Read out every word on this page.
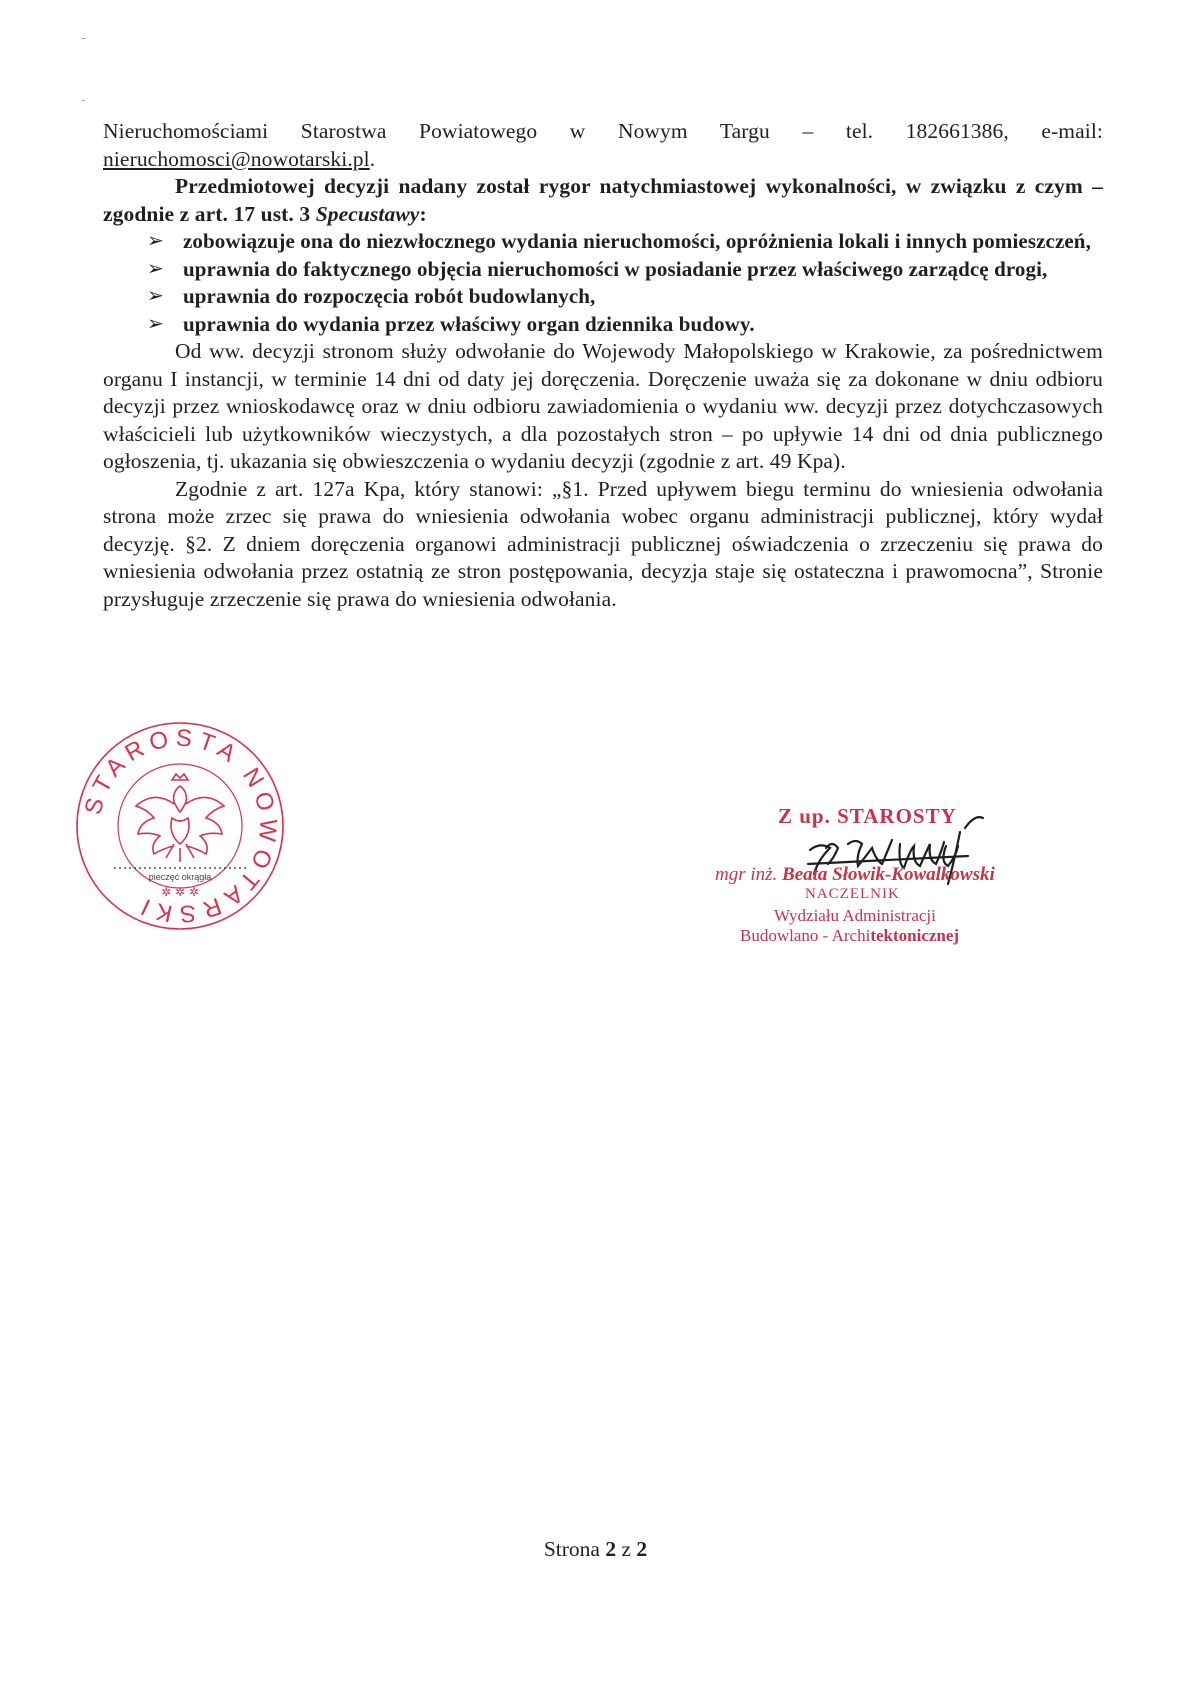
Nieruchomościami Starostwa Powiatowego w Nowym Targu – tel. 182661386, e-mail: nieruchomosci@nowotarski.pl.

Przedmiotowej decyzji nadany został rygor natychmiastowej wykonalności, w związku z czym – zgodnie z art. 17 ust. 3 Specustawy:

➢ zobowiązuje ona do niezwłocznego wydania nieruchomości, opróżnienia lokali i innych pomieszczeń,
➢ uprawnia do faktycznego objęcia nieruchomości w posiadanie przez właściwego zarządcę drogi,
➢ uprawnia do rozpoczęcia robót budowlanych,
➢ uprawnia do wydania przez właściwy organ dziennika budowy.

Od ww. decyzji stronom służy odwołanie do Wojewody Małopolskiego w Krakowie, za pośrednictwem organu I instancji, w terminie 14 dni od daty jej doręczenia. Doręczenie uważa się za dokonane w dniu odbioru decyzji przez wnioskodawcę oraz w dniu odbioru zawiadomienia o wydaniu ww. decyzji przez dotychczasowych właścicieli lub użytkowników wieczystych, a dla pozostałych stron – po upływie 14 dni od dnia publicznego ogłoszenia, tj. ukazania się obwieszczenia o wydaniu decyzji (zgodnie z art. 49 Kpa).

Zgodnie z art. 127a Kpa, który stanowi: „§1. Przed upływem biegu terminu do wniesienia odwołania strona może zrzec się prawa do wniesienia odwołania wobec organu administracji publicznej, który wydał decyzję. §2. Z dniem doręczenia organowi administracji publicznej oświadczenia o zrzeczeniu się prawa do wniesienia odwołania przez ostatnią ze stron postępowania, decyzja staje się ostateczna i prawomocna”, Stronie przysługuje zrzeczenie się prawa do wniesienia odwołania.

STAROSTA NOWOTARSKI
pieczęć okrągła
✲ ✲ ✲
Z up. STAROSTY
mgr inż. Beata Słowik-Kowalkowski
NACZELNIK
Wydziału Administracji
Budowlano - Architektonicznej
Strona 2 z 2
